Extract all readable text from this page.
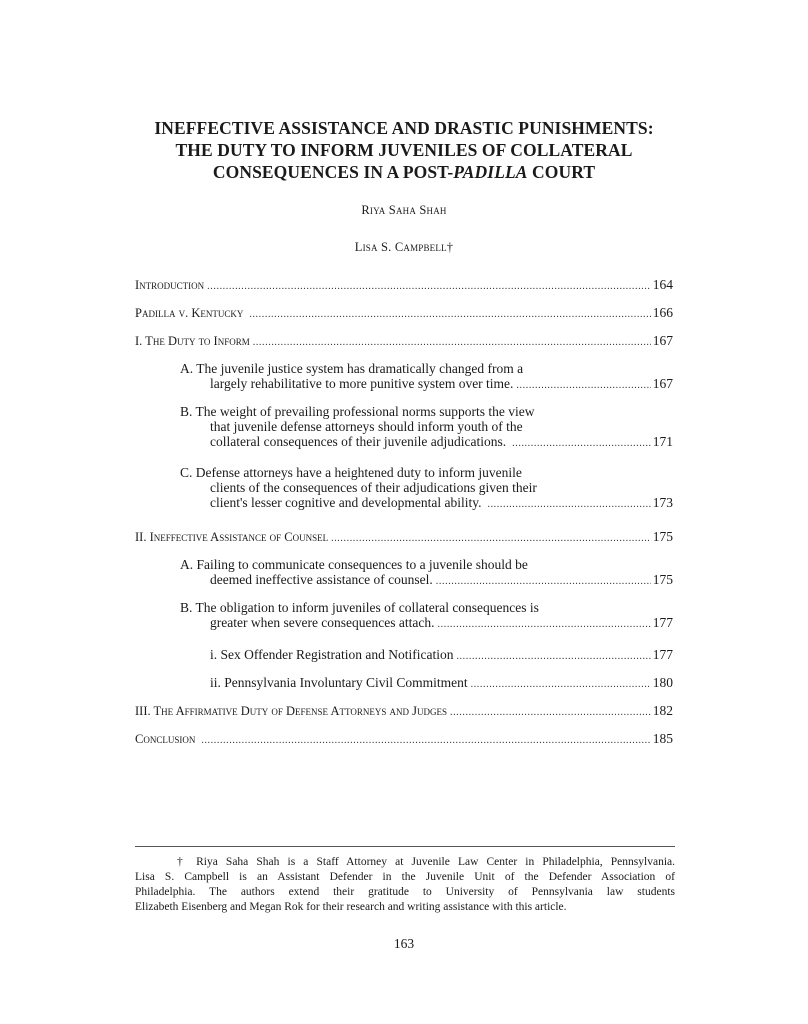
INEFFECTIVE ASSISTANCE AND DRASTIC PUNISHMENTS:
THE DUTY TO INFORM JUVENILES OF COLLATERAL
CONSEQUENCES IN A POST-PADILLA COURT
Riya Saha Shah
Lisa S. Campbell†
Introduction .....	164
Padilla v. Kentucky .....	166
I. The Duty to Inform .....	167
A. The juvenile justice system has dramatically changed from a
largely rehabilitative to more punitive system over time. .....	167
B. The weight of prevailing professional norms supports the view
that juvenile defense attorneys should inform youth of the
collateral consequences of their juvenile adjudications. .....	171
C. Defense attorneys have a heightened duty to inform juvenile
clients of the consequences of their adjudications given their
client's lesser cognitive and developmental ability. .....	173
II. Ineffective Assistance of Counsel .....	175
A. Failing to communicate consequences to a juvenile should be
deemed ineffective assistance of counsel. .....	175
B. The obligation to inform juveniles of collateral consequences is
greater when severe consequences attach. .....	177
i. Sex Offender Registration and Notification .....	177
ii. Pennsylvania Involuntary Civil Commitment .....	180
III. The Affirmative Duty of Defense Attorneys and Judges .....	182
Conclusion .....	185
† Riya Saha Shah is a Staff Attorney at Juvenile Law Center in Philadelphia, Pennsylvania.
Lisa S. Campbell is an Assistant Defender in the Juvenile Unit of the Defender Association of
Philadelphia. The authors extend their gratitude to University of Pennsylvania law students
Elizabeth Eisenberg and Megan Rok for their research and writing assistance with this article.
163
